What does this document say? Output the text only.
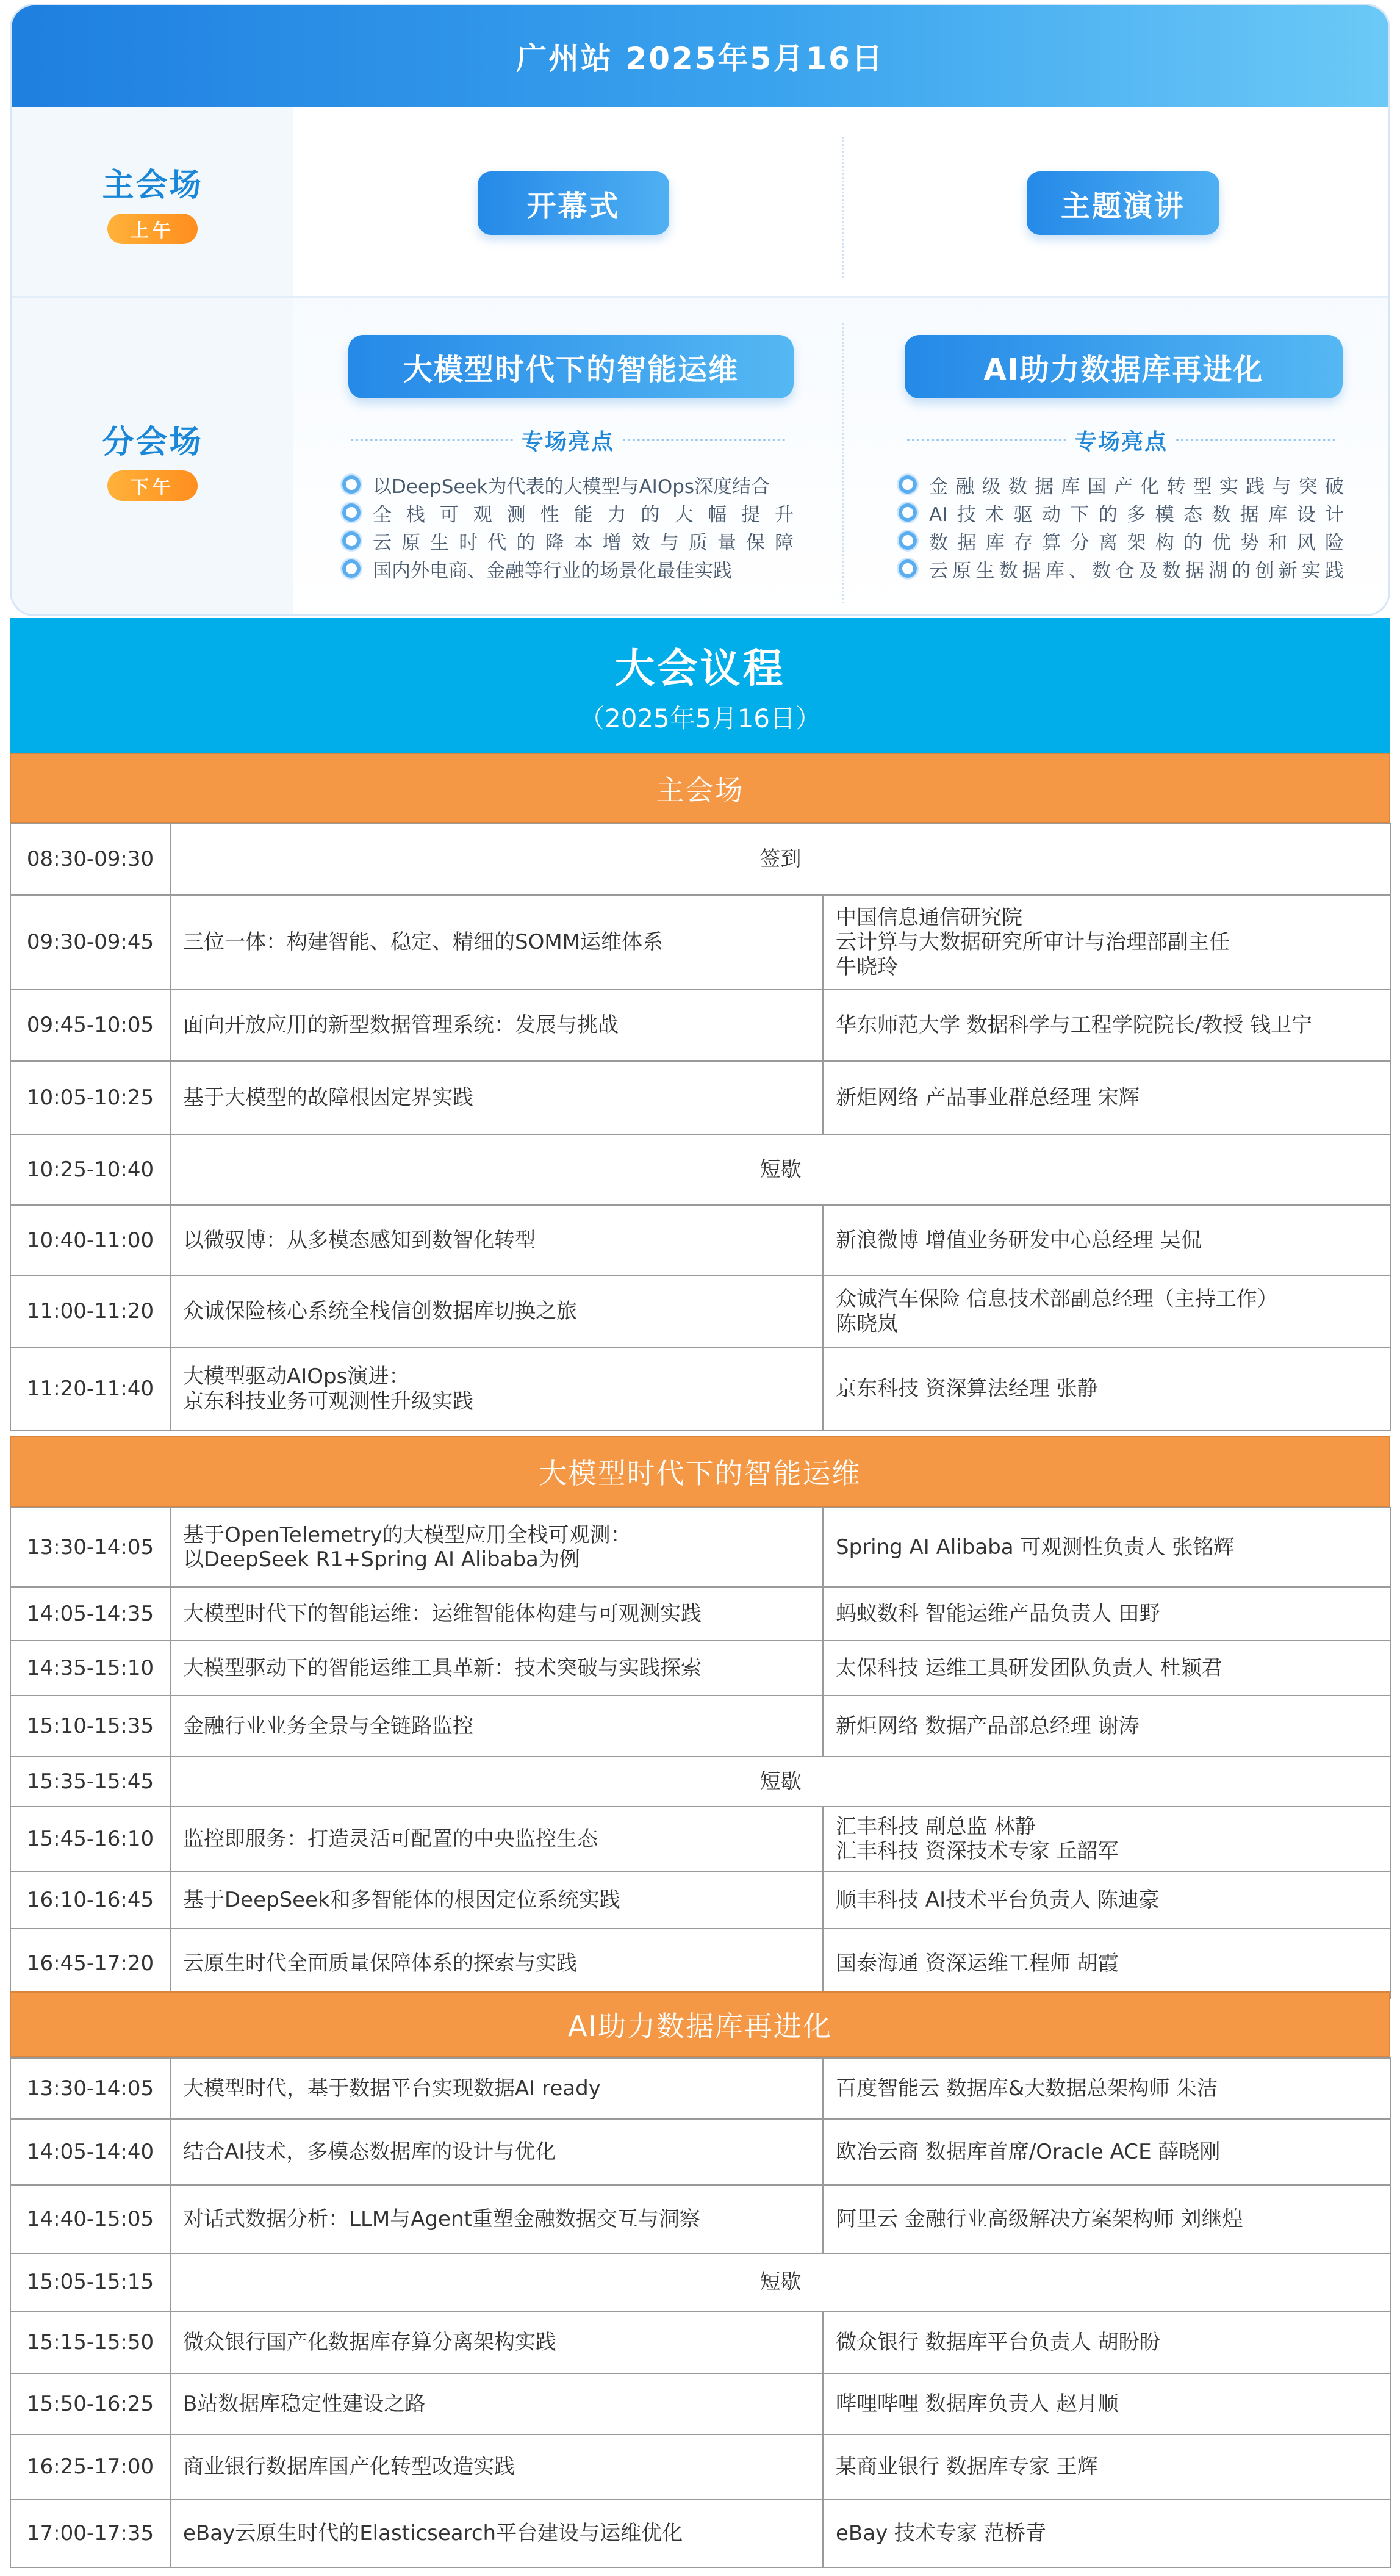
广州站 2025年5月16日
主会场
上午
开幕式	主题演讲
分会场
下午
大模型时代下的智能运维
专场亮点
以DeepSeek为代表的大模型与AIOps深度结合
全栈可观测性能力的大幅提升
云原生时代的降本增效与质量保障
国内外电商、金融等行业的场景化最佳实践
AI助力数据库再进化
专场亮点
金融级数据库国产化转型实践与突破
AI技术驱动下的多模态数据库设计
数据库存算分离架构的优势和风险
云原生数据库、数仓及数据湖的创新实践
大会议程
（2025年5月16日）
主会场
08:30-09:30	签到	
09:30-09:45	三位一体：构建智能、稳定、精细的SOMM运维体系	中国信息通信研究院
云计算与大数据研究所审计与治理部副主任
牛晓玲

09:45-10:05	面向开放应用的新型数据管理系统：发展与挑战	华东师范大学 数据科学与工程学院院长/教授 钱卫宁

10:05-10:25	基于大模型的故障根因定界实践	新炬网络 产品事业群总经理 宋辉

10:25-10:40	短歇	
10:40-11:00	以微驭博：从多模态感知到数智化转型	新浪微博 增值业务研发中心总经理 吴侃

11:00-11:20	众诚保险核心系统全栈信创数据库切换之旅	众诚汽车保险 信息技术部副总经理（主持工作）
陈晓岚

11:20-11:40	大模型驱动AIOps演进：
京东科技业务可观测性升级实践	京东科技 资深算法经理 张静
大模型时代下的智能运维
13:30-14:05	基于OpenTelemetry的大模型应用全栈可观测：
以DeepSeek R1+Spring AI Alibaba为例	Spring AI Alibaba 可观测性负责人 张铭辉

14:05-14:35	大模型时代下的智能运维：运维智能体构建与可观测实践	蚂蚁数科 智能运维产品负责人 田野

14:35-15:10	大模型驱动下的智能运维工具革新：技术突破与实践探索	太保科技 运维工具研发团队负责人 杜颖君

15:10-15:35	金融行业业务全景与全链路监控	新炬网络 数据产品部总经理 谢涛

15:35-15:45	短歇	
15:45-16:10	监控即服务：打造灵活可配置的中央监控生态	汇丰科技 副总监 林静
汇丰科技 资深技术专家 丘韶军

16:10-16:45	基于DeepSeek和多智能体的根因定位系统实践	顺丰科技 AI技术平台负责人 陈迪豪

16:45-17:20	云原生时代全面质量保障体系的探索与实践	国泰海通 资深运维工程师 胡霞
AI助力数据库再进化
13:30-14:05	大模型时代，基于数据平台实现数据AI ready	百度智能云 数据库&大数据总架构师 朱洁

14:05-14:40	结合AI技术，多模态数据库的设计与优化	欧冶云商 数据库首席/Oracle ACE 薛晓刚

14:40-15:05	对话式数据分析：LLM与Agent重塑金融数据交互与洞察	阿里云 金融行业高级解决方案架构师 刘继煌

15:05-15:15	短歇	
15:15-15:50	微众银行国产化数据库存算分离架构实践	微众银行 数据库平台负责人 胡盼盼

15:50-16:25	B站数据库稳定性建设之路	哔哩哔哩 数据库负责人 赵月顺

16:25-17:00	商业银行数据库国产化转型改造实践	某商业银行 数据库专家 王辉

17:00-17:35	eBay云原生时代的Elasticsearch平台建设与运维优化	eBay 技术专家 范桥青
